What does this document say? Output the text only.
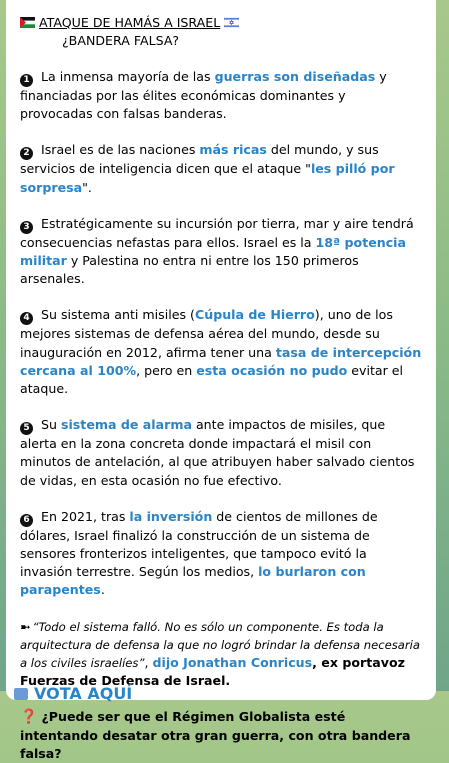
ATAQUE DE HAMÁS A ISRAEL
¿BANDERA FALSA?

1 La inmensa mayoría de las guerras son diseñadas y financiadas por las élites económicas dominantes y provocadas con falsas banderas.

2 Israel es de las naciones más ricas del mundo, y sus servicios de inteligencia dicen que el ataque "les pilló por sorpresa".

3 Estratégicamente su incursión por tierra, mar y aire tendrá consecuencias nefastas para ellos. Israel es la 18ª potencia militar y Palestina no entra ni entre los 150 primeros arsenales.

4 Su sistema anti misiles (Cúpula de Hierro), uno de los mejores sistemas de defensa aérea del mundo, desde su inauguración en 2012, afirma tener una tasa de intercepción cercana al 100%, pero en esta ocasión no pudo evitar el ataque.

5 Su sistema de alarma ante impactos de misiles, que alerta en la zona concreta donde impactará el misil con minutos de antelación, al que atribuyen haber salvado cientos de vidas, en esta ocasión no fue efectivo.

6 En 2021, tras la inversión de cientos de millones de dólares, Israel finalizó la construcción de un sistema de sensores fronterizos inteligentes, que tampoco evitó la invasión terrestre. Según los medios, lo burlaron con parapentes.

➼ “Todo el sistema falló. No es sólo un componente. Es toda la arquitectura de defensa la que no logró brindar la defensa necesaria a los civiles israelíes”, dijo Jonathan Conricus, ex portavoz Fuerzas de Defensa de Israel.

❓ ¿Puede ser que el Régimen Globalista esté intentando desatar otra gran guerra, con otra bandera falsa?

VOTA AQUÍ
